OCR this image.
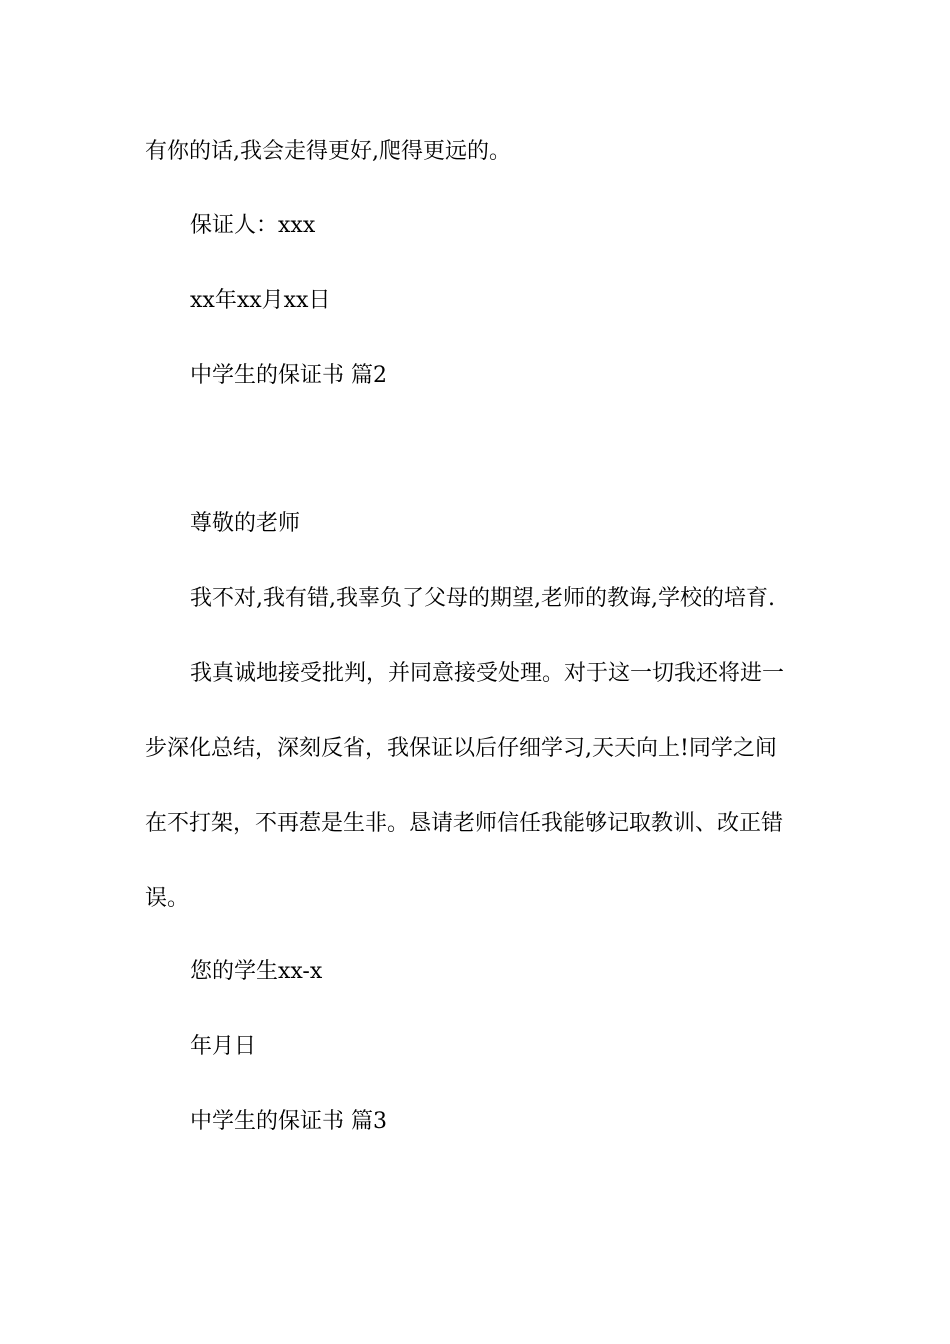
有你的话,我会走得更好,爬得更远的。
保证人：xxx
xx年xx月xx日
中学生的保证书 篇2
尊敬的老师
我不对,我有错,我辜负了父母的期望,老师的教诲,学校的培育.
我真诚地接受批判，并同意接受处理。对于这一切我还将进一
步深化总结，深刻反省，我保证以后仔细学习,天天向上!同学之间
在不打架，不再惹是生非。恳请老师信任我能够记取教训、改正错
误。
您的学生xx-x
年月日
中学生的保证书 篇3
